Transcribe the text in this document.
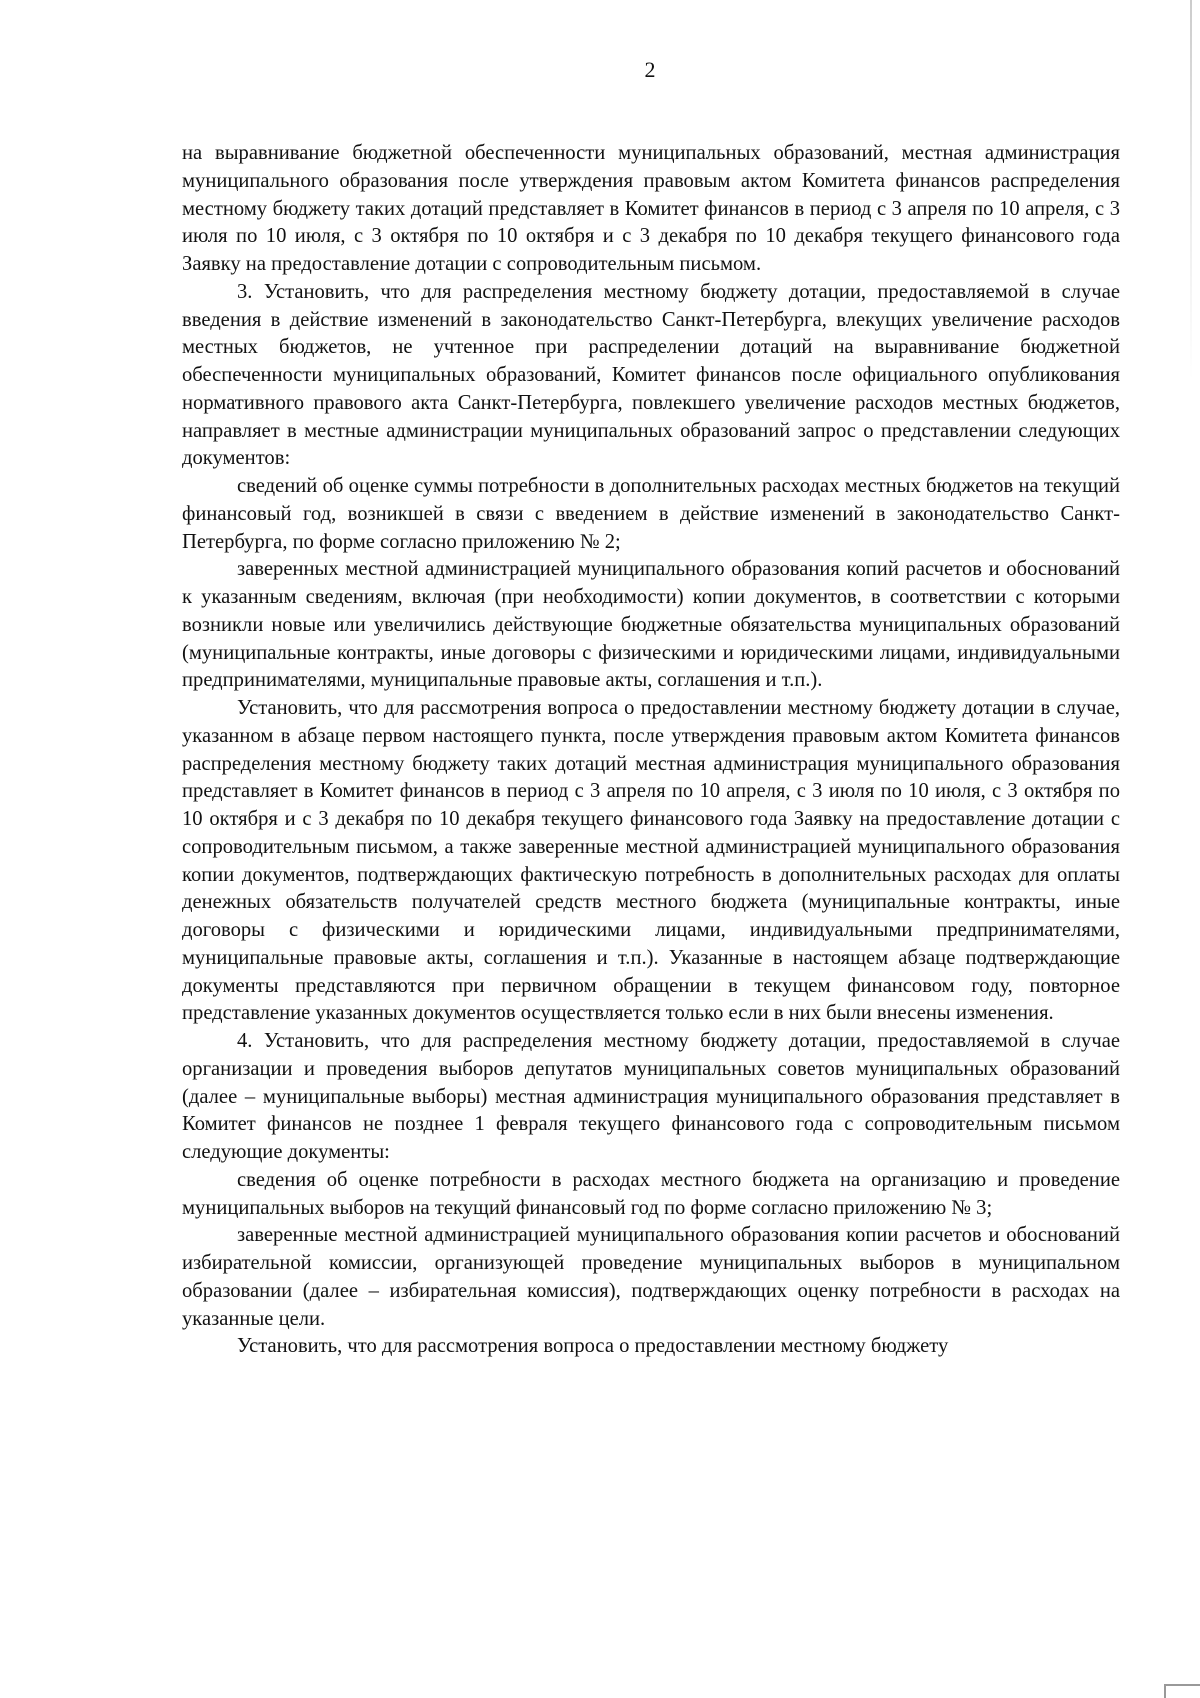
2

на выравнивание бюджетной обеспеченности муниципальных образований, местная администрация муниципального образования после утверждения правовым актом Комитета финансов распределения местному бюджету таких дотаций представляет в Комитет финансов в период с 3 апреля по 10 апреля, с 3 июля по 10 июля, с 3 октября по 10 октября и с 3 декабря по 10 декабря текущего финансового года Заявку на предоставление дотации с сопроводительным письмом.

3. Установить, что для распределения местному бюджету дотации, предоставляемой в случае введения в действие изменений в законодательство Санкт-Петербурга, влекущих увеличение расходов местных бюджетов, не учтенное при распределении дотаций на выравнивание бюджетной обеспеченности муниципальных образований, Комитет финансов после официального опубликования нормативного правового акта Санкт-Петербурга, повлекшего увеличение расходов местных бюджетов, направляет в местные администрации муниципальных образований запрос о представлении следующих документов:

сведений об оценке суммы потребности в дополнительных расходах местных бюджетов на текущий финансовый год, возникшей в связи с введением в действие изменений в законодательство Санкт-Петербурга, по форме согласно приложению № 2;

заверенных местной администрацией муниципального образования копий расчетов и обоснований к указанным сведениям, включая (при необходимости) копии документов, в соответствии с которыми возникли новые или увеличились действующие бюджетные обязательства муниципальных образований (муниципальные контракты, иные договоры с физическими и юридическими лицами, индивидуальными предпринимателями, муниципальные правовые акты, соглашения и т.п.).

Установить, что для рассмотрения вопроса о предоставлении местному бюджету дотации в случае, указанном в абзаце первом настоящего пункта, после утверждения правовым актом Комитета финансов распределения местному бюджету таких дотаций местная администрация муниципального образования представляет в Комитет финансов в период с 3 апреля по 10 апреля, с 3 июля по 10 июля, с 3 октября по 10 октября и с 3 декабря по 10 декабря текущего финансового года Заявку на предоставление дотации с сопроводительным письмом, а также заверенные местной администрацией муниципального образования копии документов, подтверждающих фактическую потребность в дополнительных расходах для оплаты денежных обязательств получателей средств местного бюджета (муниципальные контракты, иные договоры с физическими и юридическими лицами, индивидуальными предпринимателями, муниципальные правовые акты, соглашения и т.п.). Указанные в настоящем абзаце подтверждающие документы представляются при первичном обращении в текущем финансовом году, повторное представление указанных документов осуществляется только если в них были внесены изменения.

4. Установить, что для распределения местному бюджету дотации, предоставляемой в случае организации и проведения выборов депутатов муниципальных советов муниципальных образований (далее – муниципальные выборы) местная администрация муниципального образования представляет в Комитет финансов не позднее 1 февраля текущего финансового года с сопроводительным письмом следующие документы:

сведения об оценке потребности в расходах местного бюджета на организацию и проведение муниципальных выборов на текущий финансовый год по форме согласно приложению № 3;

заверенные местной администрацией муниципального образования копии расчетов и обоснований избирательной комиссии, организующей проведение муниципальных выборов в муниципальном образовании (далее – избирательная комиссия), подтверждающих оценку потребности в расходах на указанные цели.

Установить, что для рассмотрения вопроса о предоставлении местному бюджету
